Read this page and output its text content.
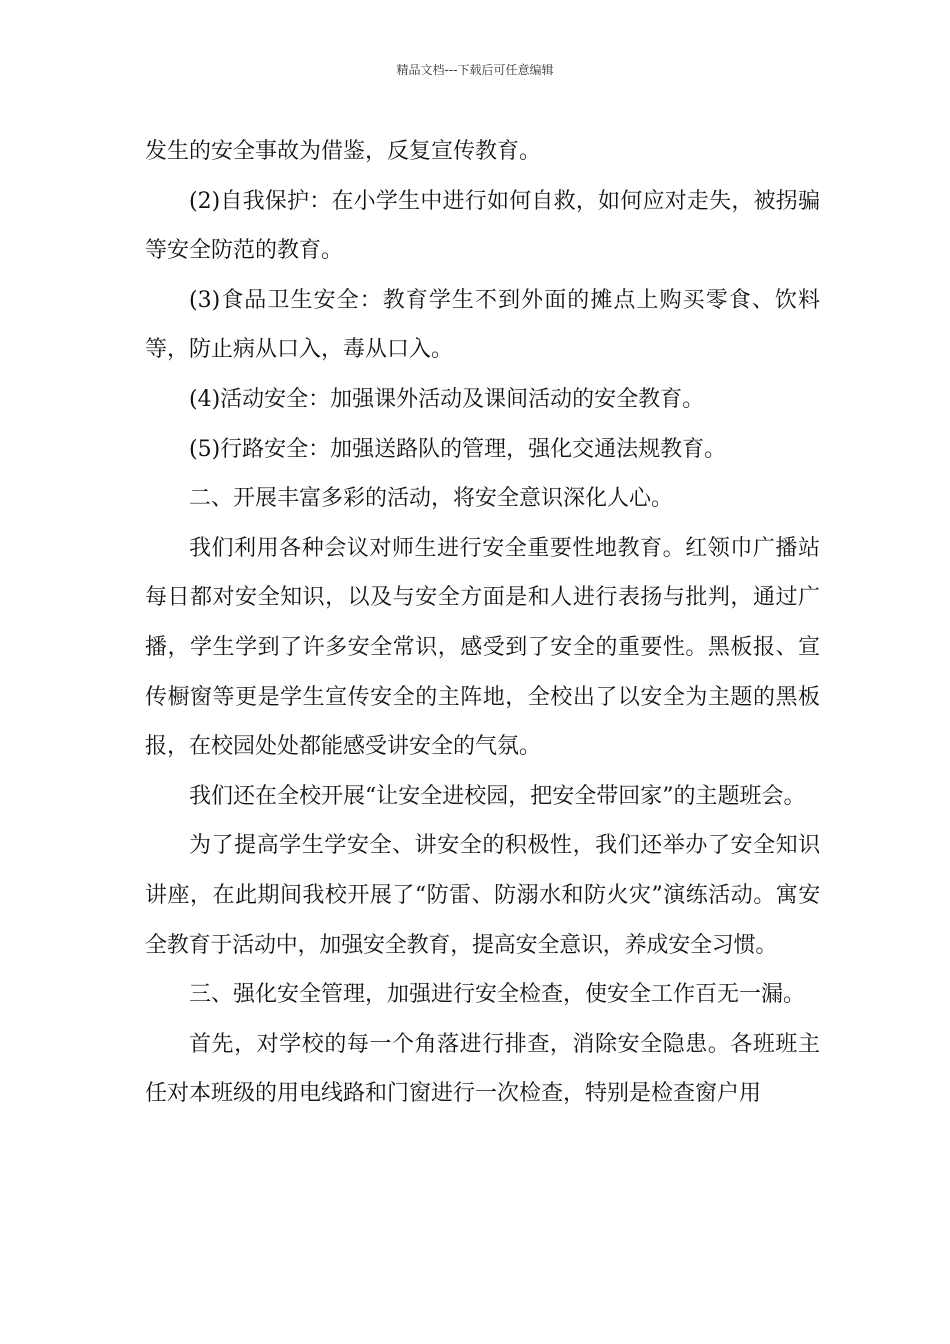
精品文档---下载后可任意编辑

发生的安全事故为借鉴，反复宣传教育。

(2)自我保护：在小学生中进行如何自救，如何应对走失，被拐骗等安全防范的教育。

(3)食品卫生安全：教育学生不到外面的摊点上购买零食、饮料等，防止病从口入，毒从口入。

(4)活动安全：加强课外活动及课间活动的安全教育。

(5)行路安全：加强送路队的管理，强化交通法规教育。

二、开展丰富多彩的活动，将安全意识深化人心。

我们利用各种会议对师生进行安全重要性地教育。红领巾广播站每日都对安全知识，以及与安全方面是和人进行表扬与批判，通过广播，学生学到了许多安全常识，感受到了安全的重要性。黑板报、宣传橱窗等更是学生宣传安全的主阵地，全校出了以安全为主题的黑板报，在校园处处都能感受讲安全的气氛。

我们还在全校开展“让安全进校园，把安全带回家”的主题班会。

为了提高学生学安全、讲安全的积极性，我们还举办了安全知识讲座，在此期间我校开展了“防雷、防溺水和防火灾”演练活动。寓安全教育于活动中，加强安全教育，提高安全意识，养成安全习惯。

三、强化安全管理，加强进行安全检查，使安全工作百无一漏。

首先，对学校的每一个角落进行排查，消除安全隐患。各班班主任对本班级的用电线路和门窗进行一次检查，特别是检查窗户用
